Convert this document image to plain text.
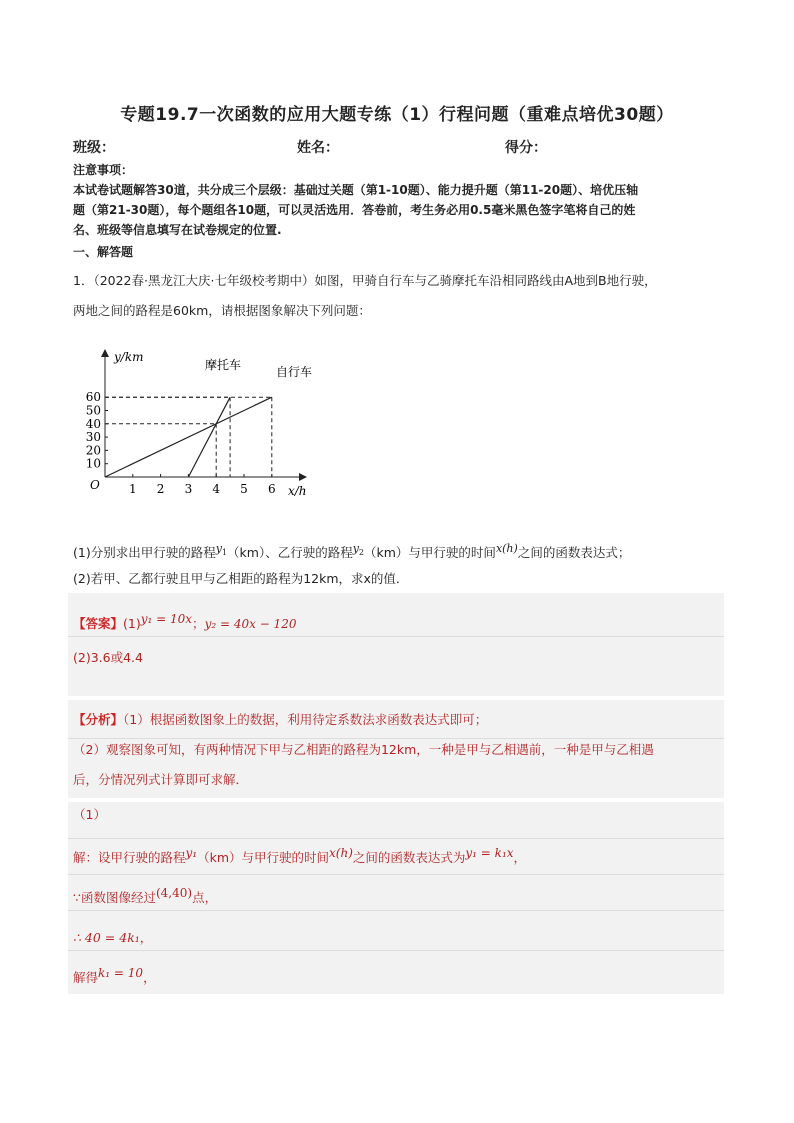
专题19.7一次函数的应用大题专练（1）行程问题（重难点培优30题）
班级：	姓名：	得分：
注意事项：
本试卷试题解答30道，共分成三个层级：基础过关题（第1-10题）、能力提升题（第11-20题）、培优压轴
题（第21-30题），每个题组各10题，可以灵活选用．答卷前，考生务必用0.5毫米黑色签字笔将自己的姓
名、班级等信息填写在试卷规定的位置.
一、解答题
1．（2022春·黑龙江大庆·七年级校考期中）如图，甲骑自行车与乙骑摩托车沿相同路线由A地到B地行驶，
两地之间的路程是60km，请根据图象解决下列问题：
y/km
x/h
O
10
20
30
40
50
60
1 2 3 4 5 6
摩托车	自行车
(1)分别求出甲行驶的路程$^{y_1}$（km）、乙行驶的路程$^{y_2}$（km）与甲行驶的时间$^{x(h)}$之间的函数表达式；
(2)若甲、乙都行驶且甲与乙相距的路程为12km，求x的值．
【答案】$(1)^{y_1 = 10x}$；y₂ = 40x − 120
(2)3.6或4.4
【分析】（1）根据函数图象上的数据，利用待定系数法求函数表达式即可；
（2）观察图象可知，有两种情况下甲与乙相距的路程为12km，一种是甲与乙相遇前，一种是甲与乙相遇
后，分情况列式计算即可求解．
（1）
解：设甲行驶的路程$^{y_1}$（km）与甲行驶的时间$^{x(h)}$之间的函数表达式为$^{y_1 = k_1x}$，
∵函数图像经过$^{(4,40)}$点，
∴ 40 = 4k₁，
解得$^{k_1 = 10}$，
